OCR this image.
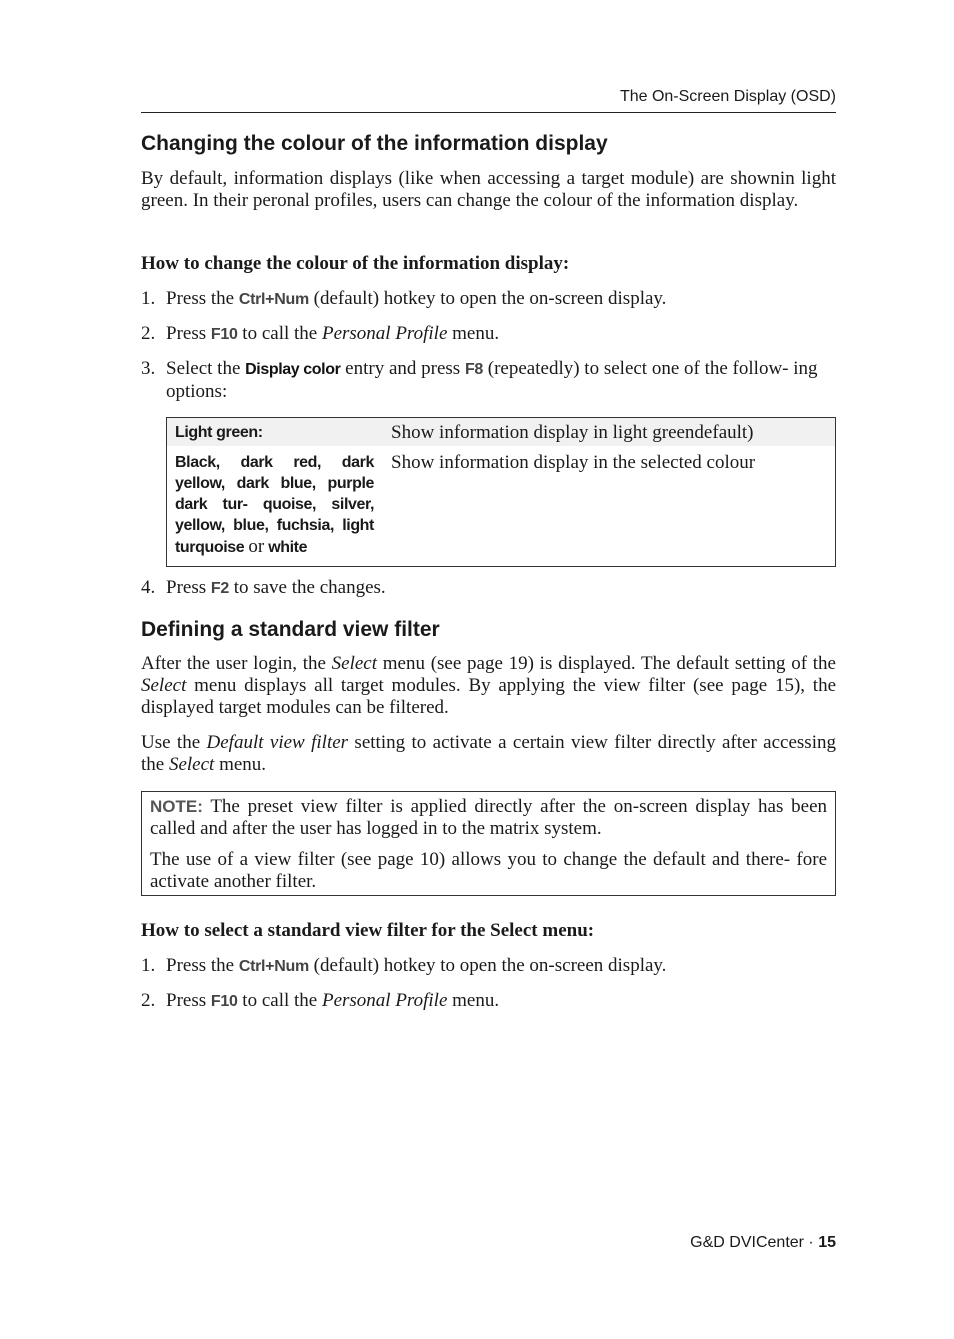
The On-Screen Display (OSD)
Changing the colour of the information display

By default, information displays (like when accessing a target module) are shownin light green. In their peronal profiles, users can change the colour of the information display.

How to change the colour of the information display:
1. Press the Ctrl+Num (default) hotkey to open the on-screen display.
2. Press F10 to call the Personal Profile menu.
3. Select the Display color entry and press F8 (repeatedly) to select one of the follow- ing options:
Light green:	Show information display in light greendefault)
Black, dark red, dark yellow, dark blue, purple dark tur- quoise, silver, yellow, blue, fuchsia, light turquoise or white	Show information display in the selected colour
4. Press F2 to save the changes.
Defining a standard view filter

After the user login, the Select menu (see page 19) is displayed. The default setting of the Select menu displays all target modules. By applying the view filter (see page 15), the displayed target modules can be filtered.

Use the Default view filter setting to activate a certain view filter directly after accessing the Select menu.

NOTE: The preset view filter is applied directly after the on-screen display has been called and after the user has logged in to the matrix system.

The use of a view filter (see page 10) allows you to change the default and there- fore activate another filter.

How to select a standard view filter for the Select menu:
1. Press the Ctrl+Num (default) hotkey to open the on-screen display.
2. Press F10 to call the Personal Profile menu.
G&D DVICenter · 15
